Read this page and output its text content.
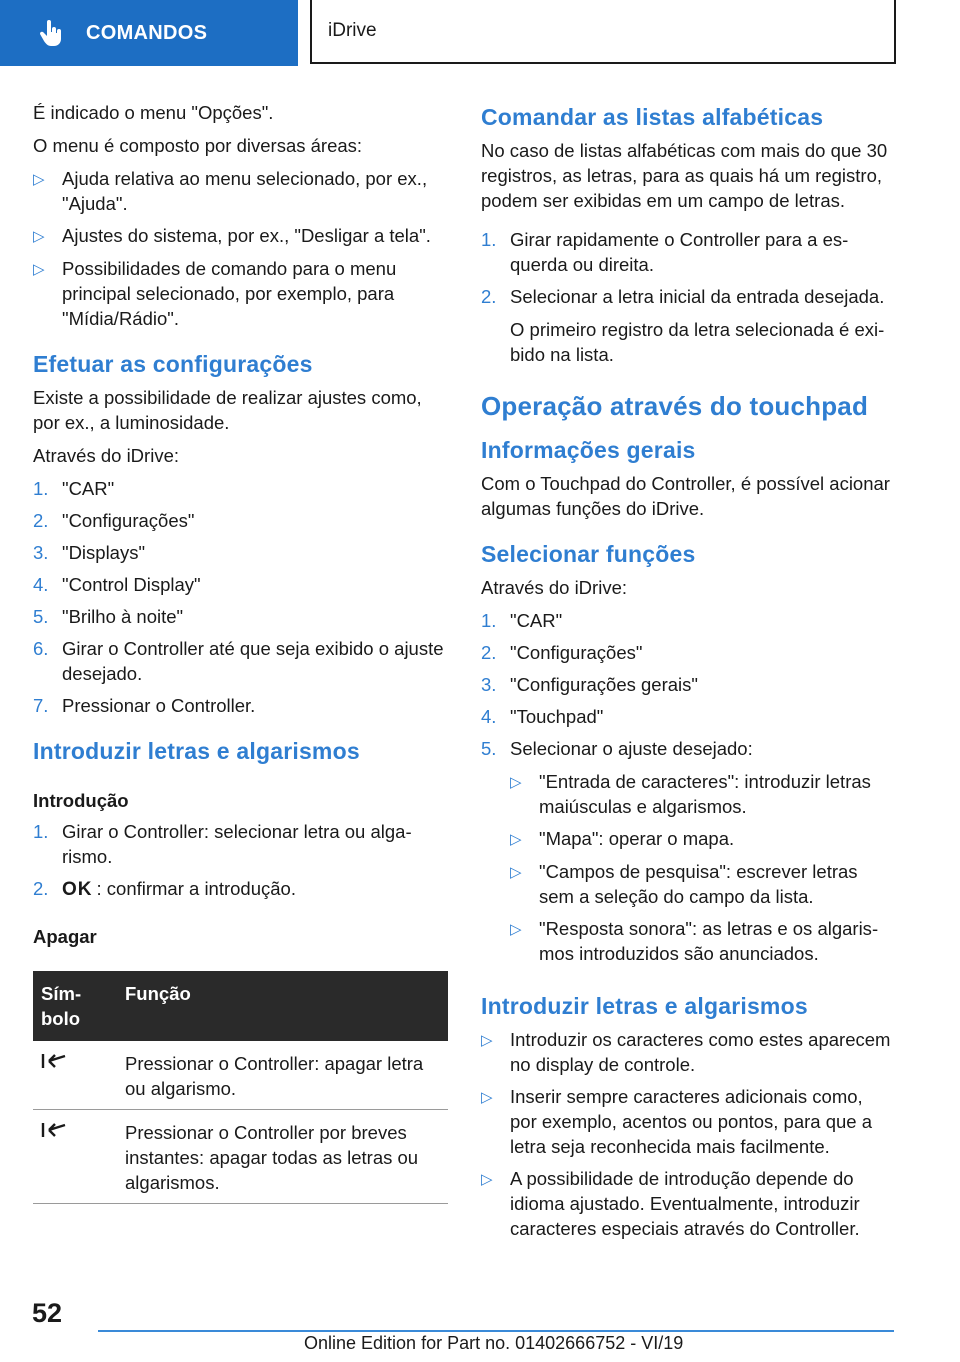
COMANDOS	iDrive

É indicado o menu "Opções".

O menu é composto por diversas áreas:

▷ Ajuda relativa ao menu selecionado, por ex., "Ajuda".
▷ Ajustes do sistema, por ex., "Desligar a tela".
▷ Possibilidades de comando para o menu principal selecionado, por exemplo, para "Mídia/Rádio".
Efetuar as configurações

Existe a possibilidade de realizar ajustes como, por ex., a luminosidade.

Através do iDrive:

1. "CAR"
2. "Configurações"
3. "Displays"
4. "Control Display"
5. "Brilho à noite"
6. Girar o Controller até que seja exibido o ajuste desejado.
7. Pressionar o Controller.
Introduzir letras e algarismos
Introdução
1. Girar o Controller: selecionar letra ou algarismo.
2. OK : confirmar a introdução.
Apagar
Símbolo	Função
	Pressionar o Controller: apagar letra ou algarismo.
	Pressionar o Controller por breves instantes: apagar todas as letras ou algarismos.
Comandar as listas alfabéticas

No caso de listas alfabéticas com mais do que 30 registros, as letras, para as quais há um registro, podem ser exibidas em um campo de letras.

1. Girar rapidamente o Controller para a esquerda ou direita.
2. Selecionar a letra inicial da entrada desejada.
O primeiro registro da letra selecionada é exibido na lista.
Operação através do touchpad
Informações gerais

Com o Touchpad do Controller, é possível acionar algumas funções do iDrive.

Selecionar funções

Através do iDrive:

1. "CAR"
2. "Configurações"
3. "Configurações gerais"
4. "Touchpad"
5. Selecionar o ajuste desejado:
▷ "Entrada de caracteres": introduzir letras maiúsculas e algarismos.
▷ "Mapa": operar o mapa.
▷ "Campos de pesquisa": escrever letras sem a seleção do campo da lista.
▷ "Resposta sonora": as letras e os algarismos introduzidos são anunciados.
Introduzir letras e algarismos
▷ Introduzir os caracteres como estes aparecem no display de controle.
▷ Inserir sempre caracteres adicionais como, por exemplo, acentos ou pontos, para que a letra seja reconhecida mais facilmente.
▷ A possibilidade de introdução depende do idioma ajustado. Eventualmente, introduzir caracteres especiais através do Controller.
52
Online Edition for Part no. 01402666752 - VI/19
